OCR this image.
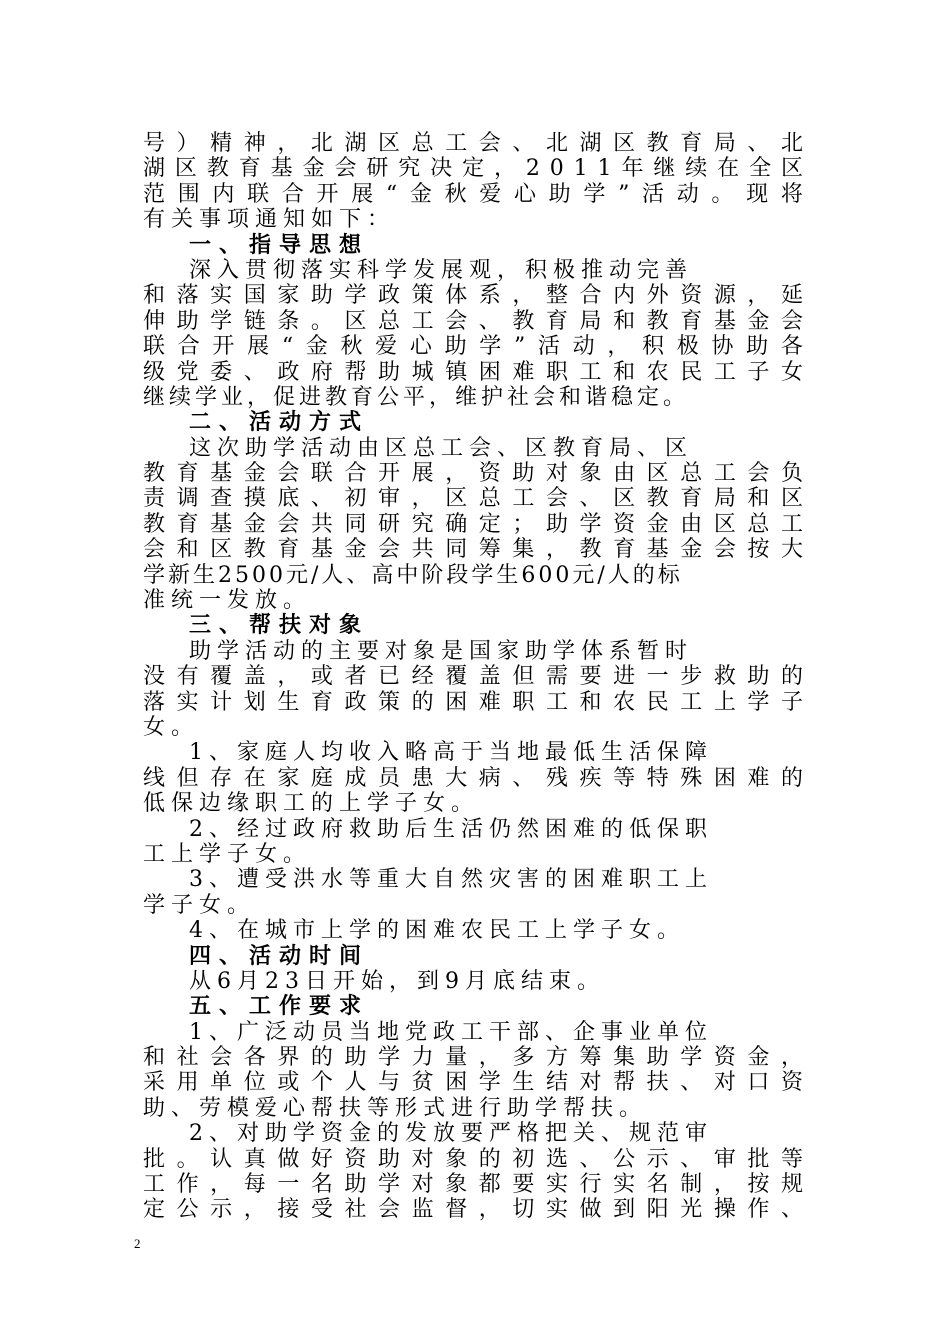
号 ） 精 神 ， 北 湖 区 总 工 会 、 北 湖 区 教 育 局 、 北
湖 区 教 育 基 金 会 研 究 决 定 ， 2 0 1 1 年 继 续 在 全 区
范 围 内 联 合 开 展 “ 金 秋 爱 心 助 学 ” 活 动 。 现 将
有关事项通知如下：
一、指导思想
深入贯彻落实科学发展观，积极推动完善
和 落 实 国 家 助 学 政 策 体 系 ， 整 合 内 外 资 源 ， 延
伸 助 学 链 条 。 区 总 工 会 、 教 育 局 和 教 育 基 金 会
联 合 开 展 “ 金 秋 爱 心 助 学 ” 活 动 ， 积 极 协 助 各
级 党 委 、 政 府 帮 助 城 镇 困 难 职 工 和 农 民 工 子 女
继续学业，促进教育公平，维护社会和谐稳定。
二、活动方式
这次助学活动由区总工会、区教育局、区
教 育 基 金 会 联 合 开 展 ， 资 助 对 象 由 区 总 工 会 负
责 调 查 摸 底 、 初 审 ， 区 总 工 会 、 区 教 育 局 和 区
教 育 基 金 会 共 同 研 究 确 定 ； 助 学 资 金 由 区 总 工
会 和 区 教 育 基 金 会 共 同 筹 集 ， 教 育 基 金 会 按 大
学新生2500元/人、高中阶段学生600元/人的标
准统一发放。
三、帮扶对象
助学活动的主要对象是国家助学体系暂时
没 有 覆 盖 ， 或 者 已 经 覆 盖 但 需 要 进 一 步 救 助 的
落 实 计 划 生 育 政 策 的 困 难 职 工 和 农 民 工 上 学 子
女。
1、家庭人均收入略高于当地最低生活保障
线 但 存 在 家 庭 成 员 患 大 病 、 残 疾 等 特 殊 困 难 的
低保边缘职工的上学子女。
2、经过政府救助后生活仍然困难的低保职
工上学子女。
3、遭受洪水等重大自然灾害的困难职工上
学子女。
4、在城市上学的困难农民工上学子女。
四、活动时间
从6月23日开始，到9月底结束。
五、工作要求
1、广泛动员当地党政工干部、企事业单位
和 社 会 各 界 的 助 学 力 量 ， 多 方 筹 集 助 学 资 金 ，
采 用 单 位 或 个 人 与 贫 困 学 生 结 对 帮 扶 、 对 口 资
助、劳模爱心帮扶等形式进行助学帮扶。
2、对助学资金的发放要严格把关、规范审
批 。 认 真 做 好 资 助 对 象 的 初 选 、 公 示 、 审 批 等
工 作 ， 每 一 名 助 学 对 象 都 要 实 行 实 名 制 ， 按 规
定 公 示 ， 接 受 社 会 监 督 ， 切 实 做 到 阳 光 操 作 、
2
